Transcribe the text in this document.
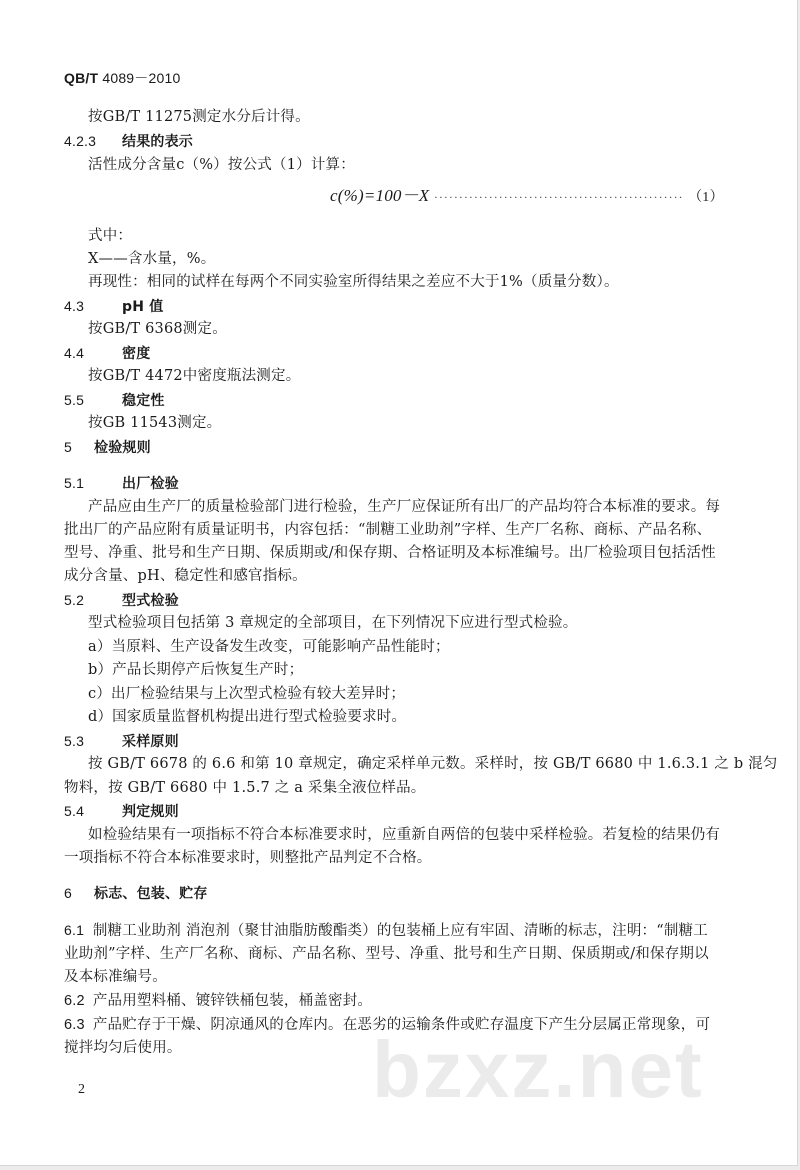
QB/T 4089－2010
按GB/T 11275测定水分后计得。
4.2.3 结果的表示
活性成分含量c（%）按公式（1）计算：
c(%)=100－X ·················································· （1）
式中：
X——含水量，%。
再现性：相同的试样在每两个不同实验室所得结果之差应不大于1%（质量分数）。
4.3	pH 值
按GB/T 6368测定。
4.4	密度
按GB/T 4472中密度瓶法测定。
5.5	稳定性
按GB 11543测定。
5 检验规则
5.1	出厂检验
产品应由生产厂的质量检验部门进行检验，生产厂应保证所有出厂的产品均符合本标准的要求。每
批出厂的产品应附有质量证明书，内容包括：“制糖工业助剂”字样、生产厂名称、商标、产品名称、
型号、净重、批号和生产日期、保质期或/和保存期、合格证明及本标准编号。出厂检验项目包括活性
成分含量、pH、稳定性和感官指标。
5.2	型式检验
型式检验项目包括第 3 章规定的全部项目，在下列情况下应进行型式检验。
a）当原料、生产设备发生改变，可能影响产品性能时；
b）产品长期停产后恢复生产时；
c）出厂检验结果与上次型式检验有较大差异时；
d）国家质量监督机构提出进行型式检验要求时。
5.3	采样原则
按 GB/T 6678 的 6.6 和第 10 章规定，确定采样单元数。采样时，按 GB/T 6680 中 1.6.3.1 之 b 混匀
物料，按 GB/T 6680 中 1.5.7 之 a 采集全液位样品。
5.4	判定规则
如检验结果有一项指标不符合本标准要求时，应重新自两倍的包装中采样检验。若复检的结果仍有
一项指标不符合本标准要求时，则整批产品判定不合格。
6 标志、包装、贮存
6.1 制糖工业助剂 消泡剂（聚甘油脂肪酸酯类）的包装桶上应有牢固、清晰的标志，注明：“制糖工
业助剂”字样、生产厂名称、商标、产品名称、型号、净重、批号和生产日期、保质期或/和保存期以
及本标准编号。
6.2 产品用塑料桶、镀锌铁桶包装，桶盖密封。
6.3 产品贮存于干燥、阴凉通风的仓库内。在恶劣的运输条件或贮存温度下产生分层属正常现象，可
搅拌均匀后使用。 bzxz.net
2
